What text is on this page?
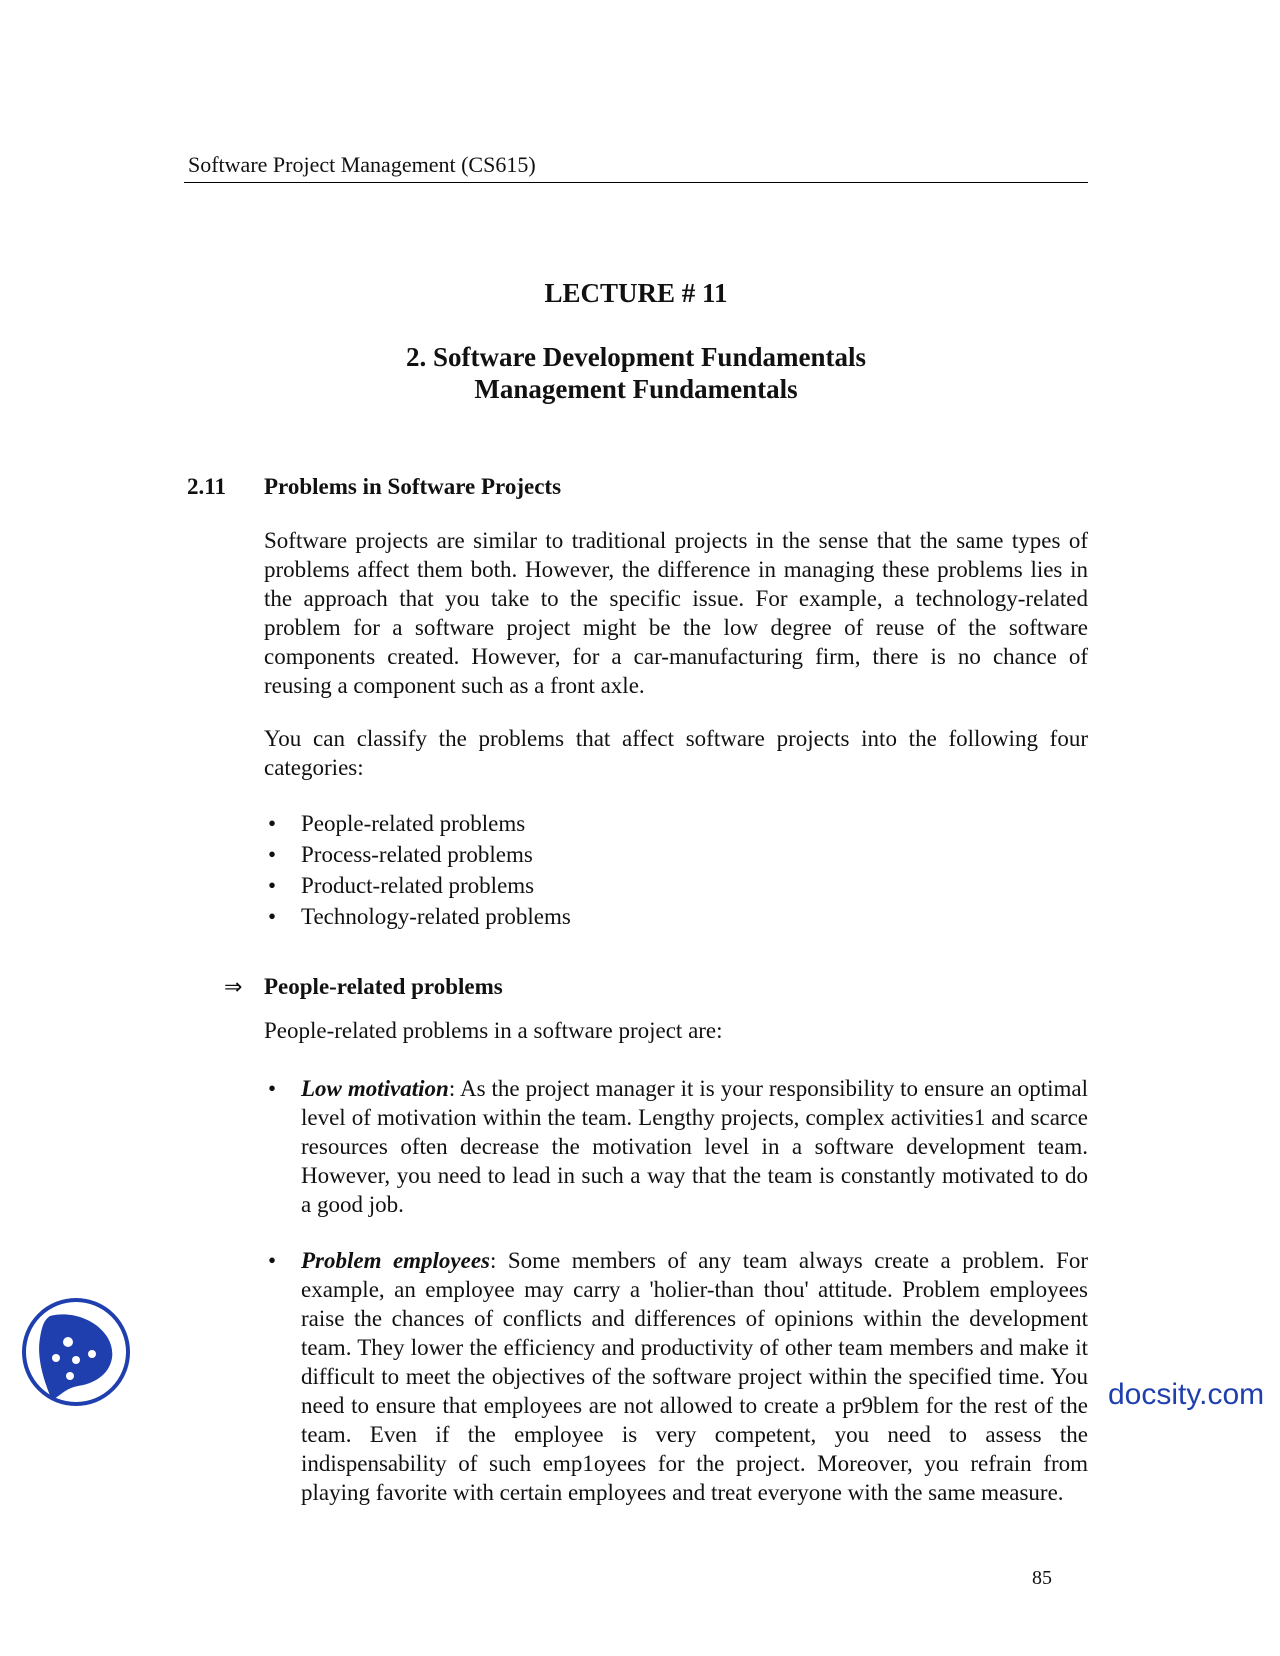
Software Project Management (CS615)
LECTURE # 11
2. Software Development Fundamentals
Management Fundamentals
2.11 Problems in Software Projects
Software projects are similar to traditional projects in the sense that the same types of problems affect them both. However, the difference in managing these problems lies in the approach that you take to the specific issue. For example, a technology-related problem for a software project might be the low degree of reuse of the software components created. However, for a car-manufacturing firm, there is no chance of reusing a component such as a front axle.
You can classify the problems that affect software projects into the following four categories:
• People-related problems
• Process-related problems
• Product-related problems
• Technology-related problems
⇒ People-related problems
People-related problems in a software project are:
• Low motivation: As the project manager it is your responsibility to ensure an optimal level of motivation within the team. Lengthy projects, complex activities1 and scarce resources often decrease the motivation level in a software development team. However, you need to lead in such a way that the team is constantly motivated to do a good job.
• Problem employees: Some members of any team always create a problem. For example, an employee may carry a 'holier-than thou' attitude. Problem employees raise the chances of conflicts and differences of opinions within the development team. They lower the efficiency and productivity of other team members and make it difficult to meet the objectives of the software project within the specified time. You need to ensure that employees are not allowed to create a pr9blem for the rest of the team. Even if the employee is very competent, you need to assess the indispensability of such emp1oyees for the project. Moreover, you refrain from playing favorite with certain employees and treat everyone with the same measure.
docsity.com
85
